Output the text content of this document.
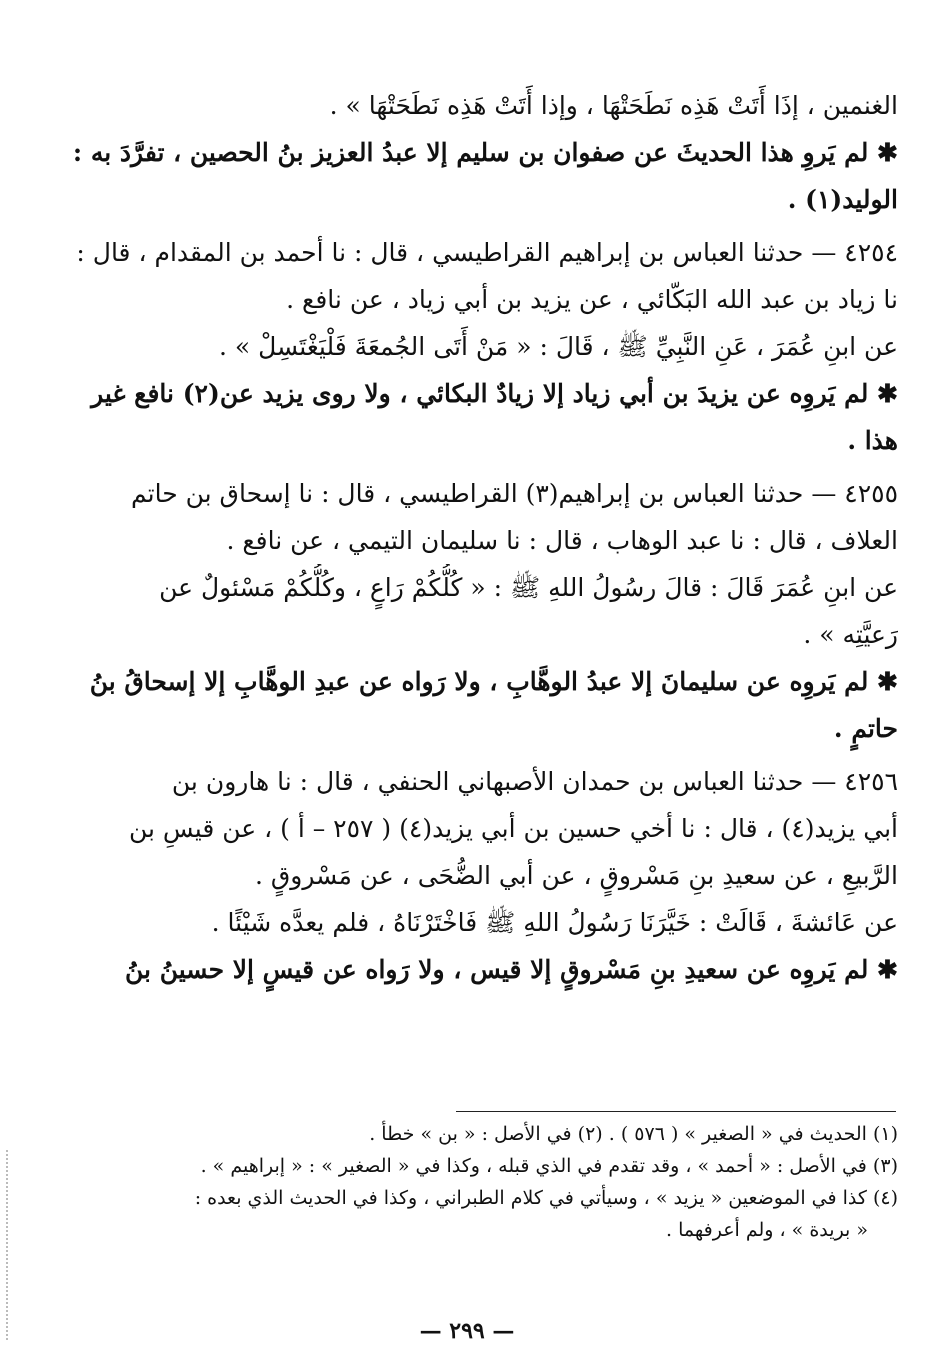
الغنمين ، إذَا أَتَتْ هَذِه نَطَحَتْهَا ، وإذا أَتَتْ هَذِه نَطَحَتْهَا » .

✱ لم يَروِ هذا الحديثَ عن صفوان بن سليم إلا عبدُ العزيز بنُ الحصين ، تفرَّدَ به :

الوليد(١) .

٤٢٥٤ — حدثنا العباس بن إبراهيم القراطيسي ، قال : نا أحمد بن المقدام ، قال :

نا زياد بن عبد الله البَكّائي ، عن يزيد بن أبي زياد ، عن نافع .

عن ابنِ عُمَرَ ، عَنِ النَّبِيِّ ﷺ ، قَالَ : « مَنْ أَتَى الجُمعَةَ فَلْيَغْتَسِلْ » .

✱ لم يَروِه عن يزيدَ بن أبي زياد إلا زيادٌ البكائي ، ولا روى يزيد عن(٢) نافع غير

هذا .

٤٢٥٥ — حدثنا العباس بن إبراهيم(٣) القراطيسي ، قال : نا إسحاق بن حاتم

العلاف ، قال : نا عبد الوهاب ، قال : نا سليمان التيمي ، عن نافع .

عن ابنِ عُمَرَ قَالَ : قالَ رسُولُ اللهِ ﷺ : « كُلُّكُمْ رَاعٍ ، وكُلُّكُمْ مَسْئولٌ عن

رَعيَّتِه » .

✱ لم يَروِه عن سليمانَ إلا عبدُ الوهَّابِ ، ولا رَواه عن عبدِ الوهَّابِ إلا إسحاقُ بنُ

حاتمٍ .

٤٢٥٦ — حدثنا العباس بن حمدان الأصبهاني الحنفي ، قال : نا هارون بن

أبي يزيد(٤) ، قال : نا أخي حسين بن أبي يزيد(٤) ( ٢٥٧ – أ ) ، عن قيسِ بن

الرَّبيعِ ، عن سعيدِ بنِ مَسْروقٍ ، عن أبي الضُّحَى ، عن مَسْروقٍ .

عن عَائشةَ ، قَالَتْ : خَيَّرَنَا رَسُولُ اللهِ ﷺ فَاخْتَرْنَاهُ ، فلم يعدَّه شَيْئًا .

✱ لم يَروِه عن سعيدِ بنِ مَسْروقٍ إلا قيس ، ولا رَواه عن قيسٍ إلا حسينُ بنُ

(١) الحديث في « الصغير » ( ٥٧٦ ) . (٢) في الأصل : « بن » خطأ .

(٣) في الأصل : « أحمد » ، وقد تقدم في الذي قبله ، وكذا في « الصغير » : « إبراهيم » .

(٤) كذا في الموضعين « يزيد » ، وسيأتي في كلام الطبراني ، وكذا في الحديث الذي بعده :

« بريدة » ، ولم أعرفهما .

— ٢٩٩ —
